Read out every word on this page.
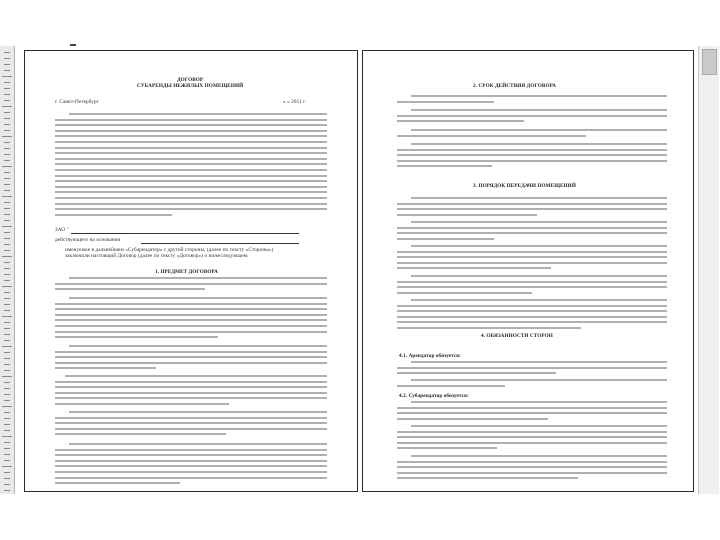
ДОГОВОР
СУБАРЕНДЫ НЕЖИЛЫХ ПОМЕЩЕНИЙ
г. Санкт-Петербург	« » 2011 г.
ЗАО "
действующего на основании
именуемое в дальнейшем «Субарендатор» с другой стороны, (далее по тексту «Стороны»)
заключили настоящий Договор (далее по тексту «Договор») о нижеследующем:
1. ПРЕДМЕТ ДОГОВОРА
2. СРОК ДЕЙСТВИЯ ДОГОВОРА
3. ПОРЯДОК ПЕРЕДАЧИ ПОМЕЩЕНИЙ
4. ОБЯЗАННОСТИ СТОРОН
4.1. Арендатор обязуется:
4.2. Субарендатор обязуется:
